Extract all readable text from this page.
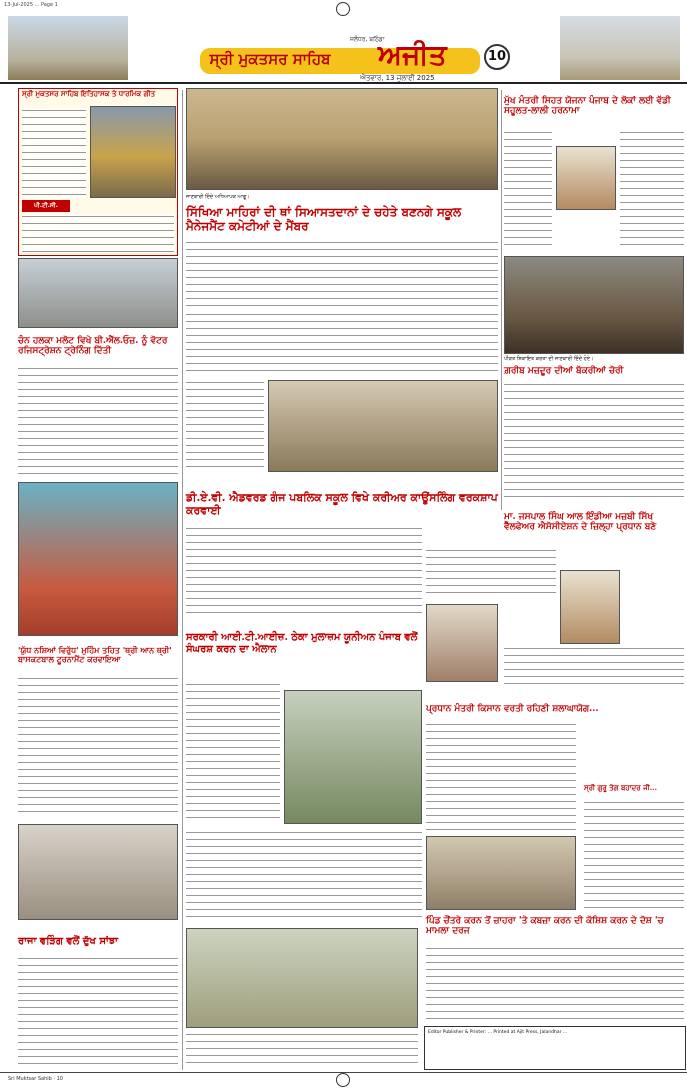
13-Jul-2025 ... Page 1
ਸ੍ਰੀ ਮੁਕਤਸਰ ਸਾਹਿਬ
ਜਲੰਧਰ, ਬਠਿੰਡਾ
ਅਜੀਤ
ਐਤਵਾਰ, 13 ਜੁਲਾਈ 2025
10
ਸ੍ਰੀ ਮੁਕਤਸਰ ਸਾਹਿਬ ਇਤਿਹਾਸਕ ਤੇ ਧਾਰਮਿਕ ਗੀਤ
ਪੀ.ਟੀ.ਸੀ.
ਜਾਣਕਾਰੀ ਦਿੰਦੇ ਅਧਿਆਪਕ ਆਗੂ।
ਸਿੱਖਿਆ ਮਾਹਿਰਾਂ ਦੀ ਥਾਂ ਸਿਆਸਤਦਾਨਾਂ ਦੇ ਚਹੇਤੇ ਬਣਨਗੇ ਸਕੂਲ ਮੈਨੇਜਮੈਂਟ ਕਮੇਟੀਆਂ ਦੇ ਮੈਂਬਰ
ਮੁੱਖ ਮੰਤਰੀ ਸਿਹਤ ਯੋਜਨਾ ਪੰਜਾਬ ਦੇ ਲੋਕਾਂ ਲਈ ਵੱਡੀ ਸਹੂਲਤ-ਲਾਲੀ ਹਰਨਾਮਾ
ਪੀੜਤ ਸ਼ਿਕਾਇਤ ਕਰਤਾ ਦੀ ਜਾਣਕਾਰੀ ਦਿੰਦੇ ਹੋਏ।
ਗ਼ਰੀਬ ਮਜ਼ਦੂਰ ਦੀਆਂ ਬੱਕਰੀਆਂ ਚੋਰੀ
ਚੰਨ ਹਲਕਾ ਮਲੋਟ ਵਿਖੇ ਬੀ.ਐੱਲ.ਓਜ਼. ਨੂੰ ਵੋਟਰ ਰਜਿਸਟ੍ਰੇਸ਼ਨ ਟ੍ਰੇਨਿੰਗ ਦਿੱਤੀ
'ਯੁੱਧ ਨਸ਼ਿਆਂ ਵਿਰੁੱਧ' ਮੁਹਿੰਮ ਤਹਿਤ 'ਥ੍ਰੀ ਆਨ ਥ੍ਰੀ' ਬਾਸਕਟਬਾਲ ਟੂਰਨਾਮੈਂਟ ਕਰਵਾਇਆ
ਰਾਜਾ ਵੜਿੰਗ ਵਲੋਂ ਦੁੱਖ ਸਾਂਝਾ
ਡੀ.ਏ.ਵੀ. ਐਡਵਰਡ ਗੰਜ ਪਬਲਿਕ ਸਕੂਲ ਵਿਖੇ ਕਰੀਅਰ ਕਾਊਂਸਲਿੰਗ ਵਰਕਸ਼ਾਪ ਕਰਵਾਈ
ਸਰਕਾਰੀ ਆਈ.ਟੀ.ਆਈਜ਼. ਠੇਕਾ ਮੁਲਾਜ਼ਮ ਯੂਨੀਅਨ ਪੰਜਾਬ ਵਲੋਂ ਸੰਘਰਸ਼ ਕਰਨ ਦਾ ਐਲਾਨ
ਮਾ. ਜਸਪਾਲ ਸਿੰਘ ਆਲ ਇੰਡੀਆ ਮਜ਼ਬੀ ਸਿੱਖ ਵੈੱਲਫੇਅਰ ਐਸੋਸੀਏਸ਼ਨ ਦੇ ਜ਼ਿਲ੍ਹਾ ਪ੍ਰਧਾਨ ਬਣੇ
ਪ੍ਰਧਾਨ ਮੰਤਰੀ ਕਿਸਾਨ ਵਰਤੀ ਰਹਿਣੀ ਸ਼ਲਾਘਾਯੋਗ...
ਸ੍ਰੀ ਗੁਰੂ ਤੇਗ ਬਹਾਦਰ ਜੀ...
ਪਿੰਡ ਚੌਂਤਰੇ ਕਰਨ ਤੋਂ ਜ਼ਾਹਰਾ 'ਤੇ ਕਬਜ਼ਾ ਕਰਨ ਦੀ ਕੋਸ਼ਿਸ਼ ਕਰਨ ਦੇ ਦੋਸ਼ 'ਚ ਮਾਮਲਾ ਦਰਜ
Editor Publisher & Printer: ... Printed at Ajit Press, Jalandhar ...
Sri Muktsar Sahib · 10
